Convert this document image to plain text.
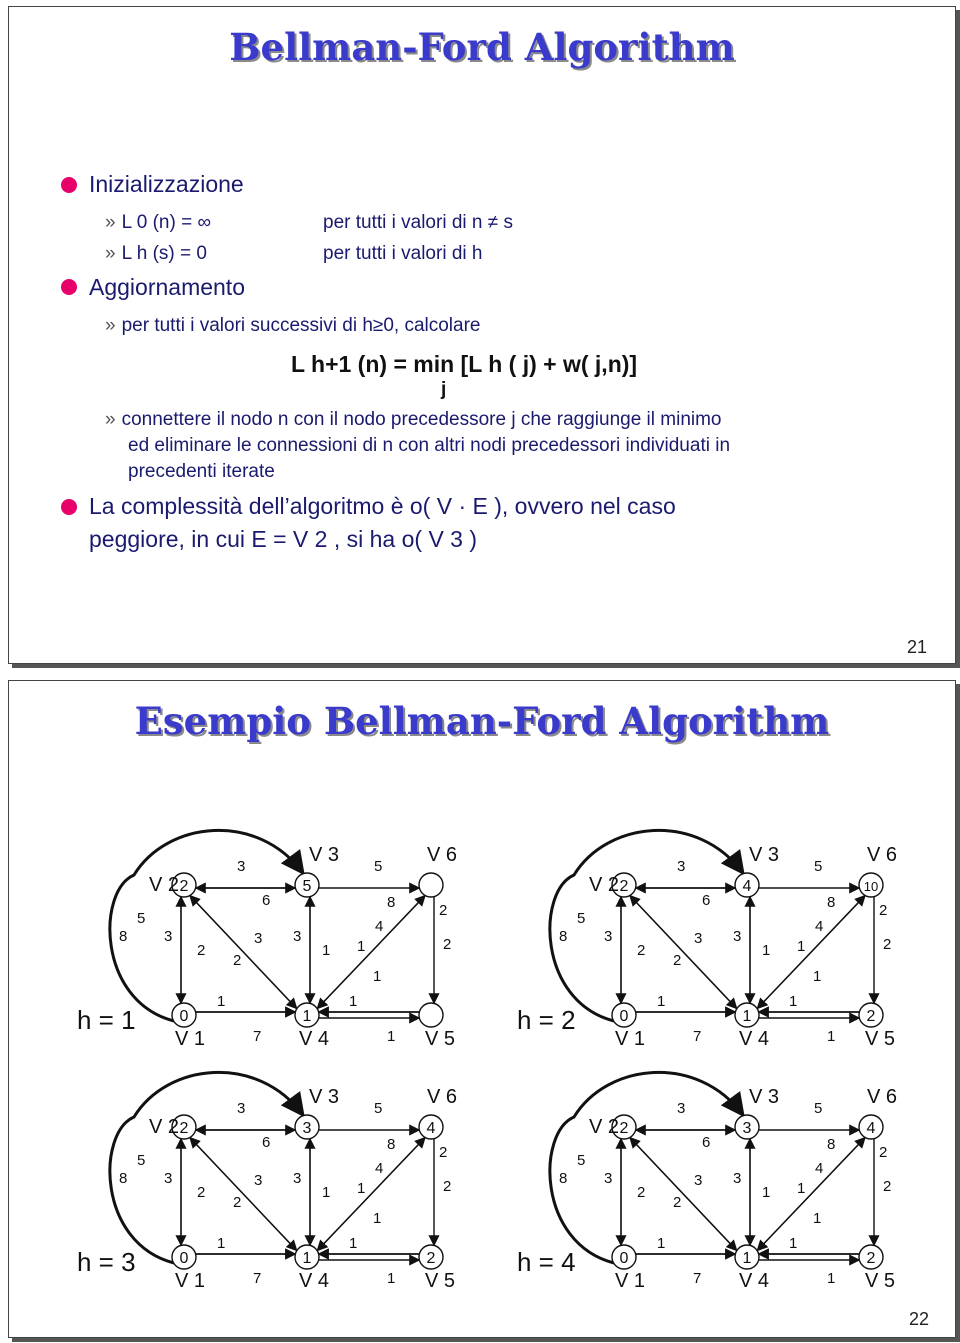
Bellman-Ford Algorithm
Inizializzazione
» L 0 (n) = ∞	per tutti i valori di n ≠ s
» L h (s) = 0	per tutti i valori di h
Aggiornamento
» per tutti i valori successivi di h≥0, calcolare
L h+1 (n) = min [L h ( j) + w( j,n)]
j
» connettere il nodo n con il nodo precedessore j che raggiunge il minimo
ed eliminare le connessioni di n con altri nodi precedessori individuati in
precedenti iterate
La complessità dell’algoritmo è o( V · E ), ovvero nel caso
peggiore, in cui E = V 2 , si ha o( V 3 )
21
Esempio Bellman-Ford Algorithm
3
6
5
8
2
3
2
3 3
1
4
2
1
1	1
7	1
2
8
5
1
0
V 1
2
V 2	5
V 3
1
V 4	V 5
V 6
h = 1
3
6
5
8
2
3
2
3 3
1
4
2
1
1	1
7	1
2
8
5
1
0
V 1
2
V 2	4
V 3
1
V 4
2
V 5
10
V 6
h = 2
3
6
5
8
2
3
2
3 3
1
4
2
1
1	1
7	1
2
8
5
1
0
V 1
2
V 2	3
V 3
1
V 4
2
V 5
4
V 6
h = 3
3
6
5
8
2
3
2
3 3
1
4
2
1
1	1
7	1
2
8
5
1
0
V 1
2
V 2	3
V 3
1
V 4
2
V 5
4
V 6
h = 4
22
